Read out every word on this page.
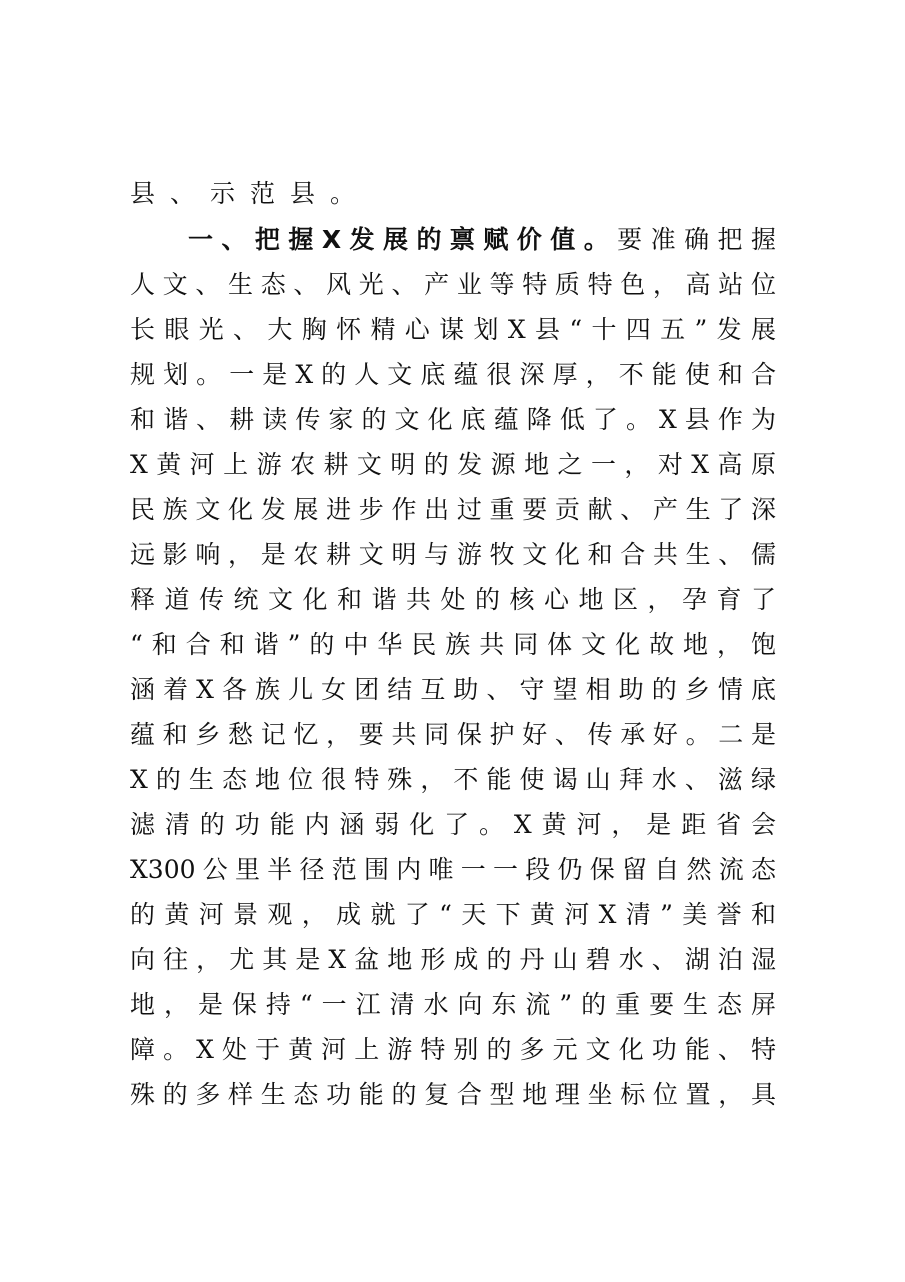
县、示范县。
一、把握X发展的禀赋价值。要准确把握
人文、生态、风光、产业等特质特色，高站位
长眼光、大胸怀精心谋划X县“十四五”发展
规划。一是X的人文底蕴很深厚，不能使和合
和谐、耕读传家的文化底蕴降低了。X县作为
X黄河上游农耕文明的发源地之一，对X高原
民族文化发展进步作出过重要贡献、产生了深
远影响，是农耕文明与游牧文化和合共生、儒
释道传统文化和谐共处的核心地区，孕育了
“和合和谐”的中华民族共同体文化故地，饱
涵着X各族儿女团结互助、守望相助的乡情底
蕴和乡愁记忆，要共同保护好、传承好。二是
X的生态地位很特殊，不能使谒山拜水、滋绿
滤清的功能内涵弱化了。X黄河，是距省会
X300公里半径范围内唯一一段仍保留自然流态
的黄河景观，成就了“天下黄河X清”美誉和
向往，尤其是X盆地形成的丹山碧水、湖泊湿
地，是保持“一江清水向东流”的重要生态屏
障。X处于黄河上游特别的多元文化功能、特
殊的多样生态功能的复合型地理坐标位置，具
